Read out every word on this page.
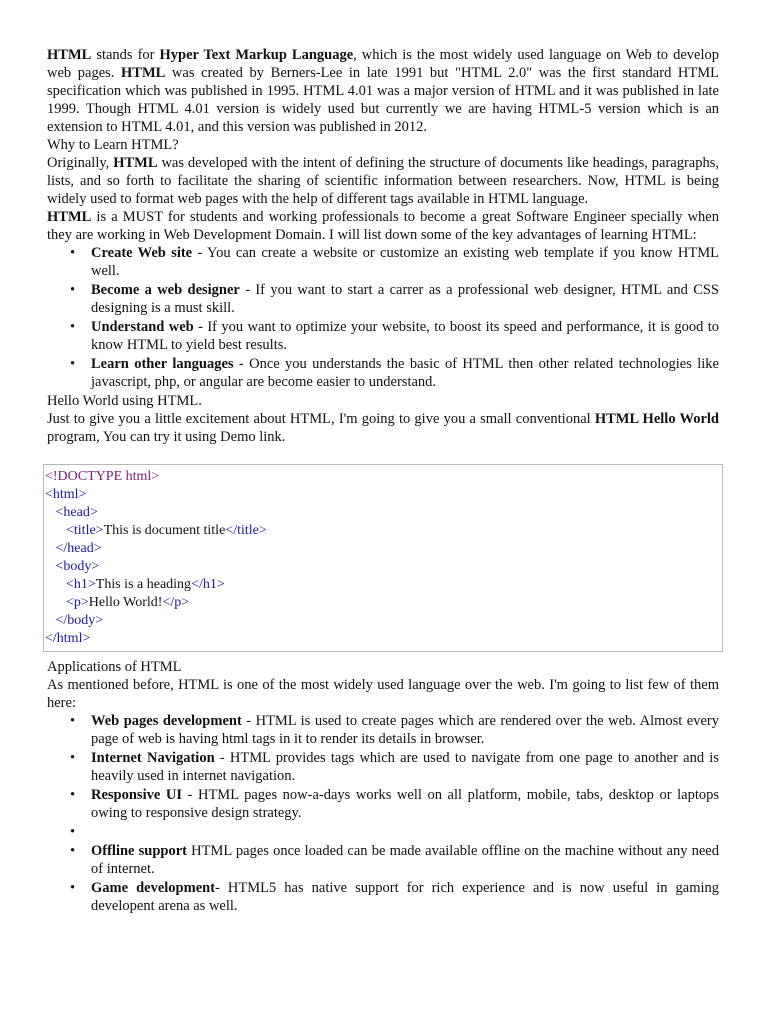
HTML stands for Hyper Text Markup Language, which is the most widely used language on Web to develop web pages. HTML was created by Berners-Lee in late 1991 but "HTML 2.0" was the first standard HTML specification which was published in 1995. HTML 4.01 was a major version of HTML and it was published in late 1999. Though HTML 4.01 version is widely used but currently we are having HTML-5 version which is an extension to HTML 4.01, and this version was published in 2012.

Why to Learn HTML?

Originally, HTML was developed with the intent of defining the structure of documents like headings, paragraphs, lists, and so forth to facilitate the sharing of scientific information between researchers. Now, HTML is being widely used to format web pages with the help of different tags available in HTML language.

HTML is a MUST for students and working professionals to become a great Software Engineer specially when they are working in Web Development Domain. I will list down some of the key advantages of learning HTML:

• Create Web site - You can create a website or customize an existing web template if you know HTML well.
• Become a web designer - If you want to start a carrer as a professional web designer, HTML and CSS designing is a must skill.
• Understand web - If you want to optimize your website, to boost its speed and performance, it is good to know HTML to yield best results.
• Learn other languages - Once you understands the basic of HTML then other related technologies like javascript, php, or angular are become easier to understand.

Hello World using HTML.

Just to give you a little excitement about HTML, I'm going to give you a small conventional HTML Hello World program, You can try it using Demo link.

<!DOCTYPE html>
<html>
<head>
<title>This is document title</title>
</head>
<body>
<h1>This is a heading</h1>
<p>Hello World!</p>
</body>
</html>

Applications of HTML

As mentioned before, HTML is one of the most widely used language over the web. I'm going to list few of them here:

• Web pages development - HTML is used to create pages which are rendered over the web. Almost every page of web is having html tags in it to render its details in browser.
• Internet Navigation - HTML provides tags which are used to navigate from one page to another and is heavily used in internet navigation.
• Responsive UI - HTML pages now-a-days works well on all platform, mobile, tabs, desktop or laptops owing to responsive design strategy.
•

• Offline support HTML pages once loaded can be made available offline on the machine without any need of internet.
• Game development- HTML5 has native support for rich experience and is now useful in gaming developent arena as well.
